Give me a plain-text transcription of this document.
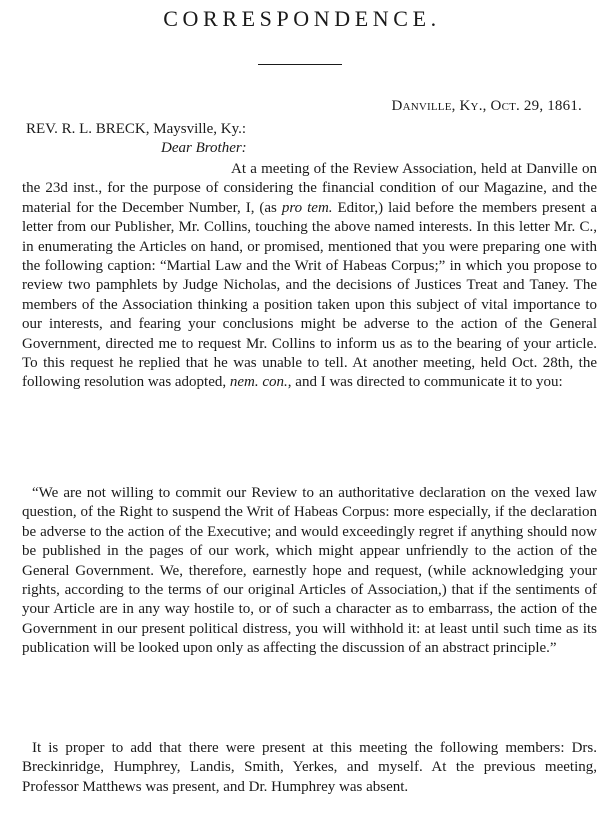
CORRESPONDENCE.
Danville, Ky., Oct. 29, 1861.
REV. R. L. BRECK, Maysville, Ky.:
Dear Brother:

At a meeting of the Review Association, held at Danville on the 23d inst., for the purpose of considering the financial condition of our Magazine, and the material for the December Number, I, (as pro tem. Editor,) laid before the members present a letter from our Publisher, Mr. Collins, touching the above named interests. In this letter Mr. C., in enumerating the Articles on hand, or promised, mentioned that you were preparing one with the following caption: “Martial Law and the Writ of Habeas Corpus;” in which you propose to review two pamphlets by Judge Nicholas, and the decisions of Justices Treat and Taney. The members of the Association thinking a position taken upon this subject of vital importance to our interests, and fearing your conclusions might be adverse to the action of the General Government, directed me to request Mr. Collins to inform us as to the bearing of your article. To this request he replied that he was unable to tell. At another meeting, held Oct. 28th, the following resolution was adopted, nem. con., and I was directed to communicate it to you:

“We are not willing to commit our Review to an authoritative declaration on the vexed law question, of the Right to suspend the Writ of Habeas Corpus: more especially, if the declaration be adverse to the action of the Executive; and would exceedingly regret if anything should now be published in the pages of our work, which might appear unfriendly to the action of the General Government. We, therefore, earnestly hope and request, (while acknowledging your rights, according to the terms of our original Articles of Association,) that if the sentiments of your Article are in any way hostile to, or of such a character as to embarrass, the action of the Government in our present political distress, you will withhold it: at least until such time as its publication will be looked upon only as affecting the discussion of an abstract principle.”

It is proper to add that there were present at this meeting the following members: Drs. Breckinridge, Humphrey, Landis, Smith, Yerkes, and myself. At the previous meeting, Professor Matthews was present, and Dr. Humphrey was absent.
